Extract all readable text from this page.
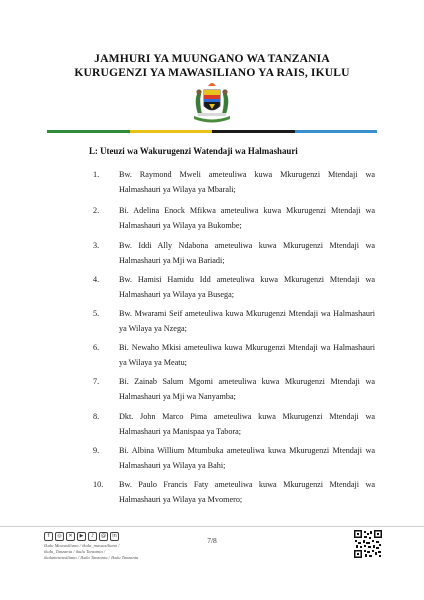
JAMHURI YA MUUNGANO WA TANZANIA
KURUGENZI YA MAWASILIANO YA RAIS, IKULU
L: Uteuzi wa Wakurugenzi Watendaji wa Halmashauri
1. Bw. Raymond Mweli ameteuliwa kuwa Mkurugenzi Mtendaji wa Halmashauri ya Wilaya ya Mbarali;
2. Bi. Adelina Enock Mfikwa ameteuliwa kuwa Mkurugenzi Mtendaji wa Halmashauri ya Wilaya ya Bukombe;
3. Bw. Iddi Ally Ndabona ameteuliwa kuwa Mkurugenzi Mtendaji wa Halmashauri ya Mji wa Bariadi;
4. Bw. Hamisi Hamidu Idd ameteuliwa kuwa Mkurugenzi Mtendaji wa Halmashauri ya Wilaya ya Busega;
5. Bw. Mwarami Seif ameteuliwa kuwa Mkurugenzi Mtendaji wa Halmashauri ya Wilaya ya Nzega;
6. Bi. Newaho Mkisi ameteuliwa kuwa Mkurugenzi Mtendaji wa Halmashauri ya Wilaya ya Meatu;
7. Bi. Zainab Salum Mgomi ameteuliwa kuwa Mkurugenzi Mtendaji wa Halmashauri ya Mji wa Nanyamba;
8. Dkt. John Marco Pima ameteuliwa kuwa Mkurugenzi Mtendaji wa Halmashauri ya Manispaa ya Tabora;
9. Bi. Albina Willium Mtumbuka ameteuliwa kuwa Mkurugenzi Mtendaji wa Halmashauri ya Wilaya ya Bahi;
10. Bw. Paulo Francis Faty ameteuliwa kuwa Mkurugenzi Mtendaji wa Halmashauri ya Wilaya ya Mvomero;
f	◎	✕	▶	♪	@	in
Ikulu Mawasiliano / ikulu_mawasiliano /
ikulu_Tanzania / ikulu Tanzania /
ikulumawasiliano / Ikulu Tanzania / Ikulu Tanzania
7/8
